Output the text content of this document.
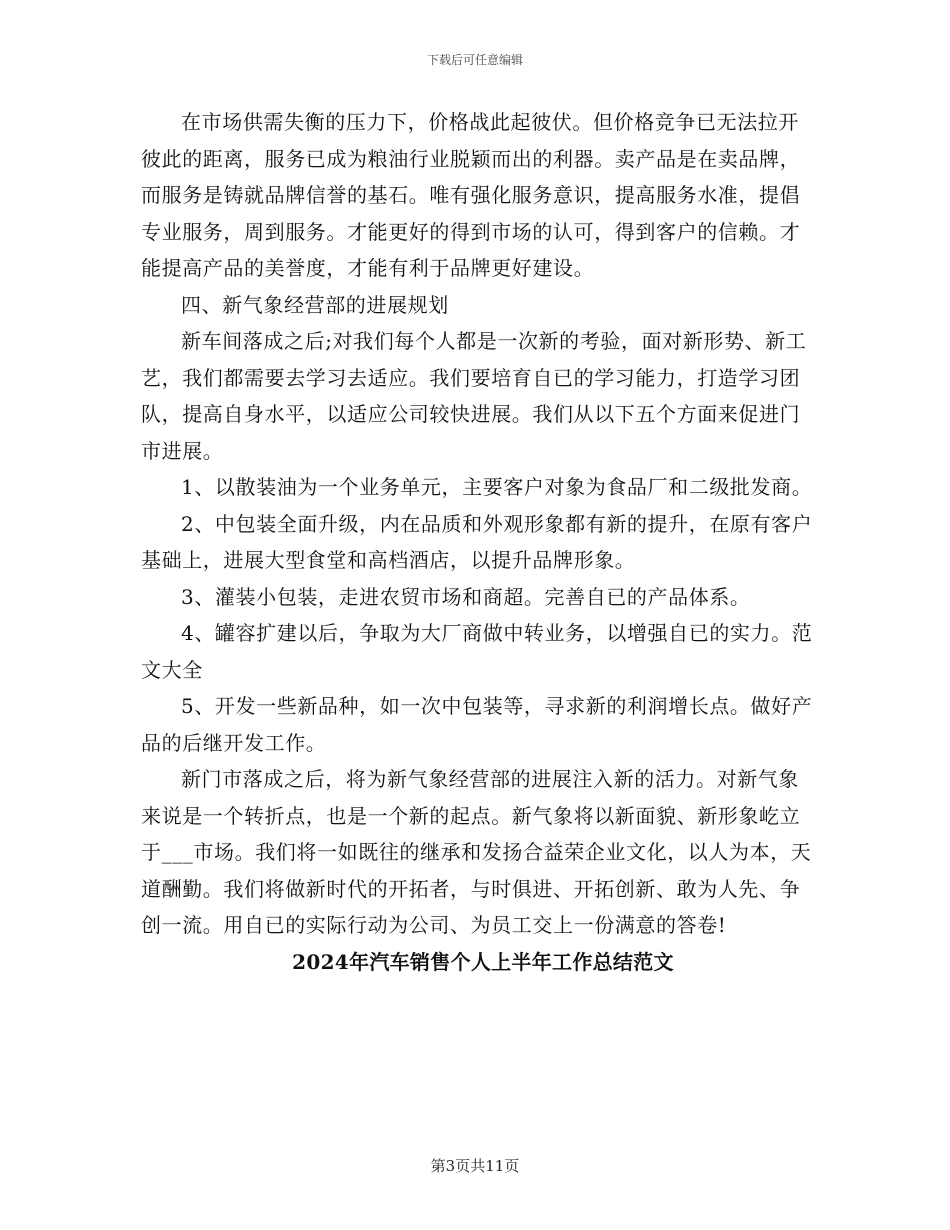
下载后可任意编辑

在市场供需失衡的压力下，价格战此起彼伏。但价格竞争已无法拉开彼此的距离，服务已成为粮油行业脱颖而出的利器。卖产品是在卖品牌，而服务是铸就品牌信誉的基石。唯有强化服务意识，提高服务水准，提倡专业服务，周到服务。才能更好的得到市场的认可，得到客户的信赖。才能提高产品的美誉度，才能有利于品牌更好建设。

四、新气象经营部的进展规划

新车间落成之后;对我们每个人都是一次新的考验，面对新形势、新工艺，我们都需要去学习去适应。我们要培育自已的学习能力，打造学习团队，提高自身水平，以适应公司较快进展。我们从以下五个方面来促进门市进展。

1、以散装油为一个业务单元，主要客户对象为食品厂和二级批发商。

2、中包装全面升级，内在品质和外观形象都有新的提升，在原有客户基础上，进展大型食堂和高档酒店，以提升品牌形象。

3、灌装小包装，走进农贸市场和商超。完善自已的产品体系。

4、罐容扩建以后，争取为大厂商做中转业务，以增强自已的实力。范文大全

5、开发一些新品种，如一次中包装等，寻求新的利润增长点。做好产品的后继开发工作。

新门市落成之后，将为新气象经营部的进展注入新的活力。对新气象来说是一个转折点，也是一个新的起点。新气象将以新面貌、新形象屹立于___市场。我们将一如既往的继承和发扬合益荣企业文化，以人为本，天道酬勤。我们将做新时代的开拓者，与时俱进、开拓创新、敢为人先、争创一流。用自已的实际行动为公司、为员工交上一份满意的答卷!

2024年汽车销售个人上半年工作总结范文

第3页共11页
